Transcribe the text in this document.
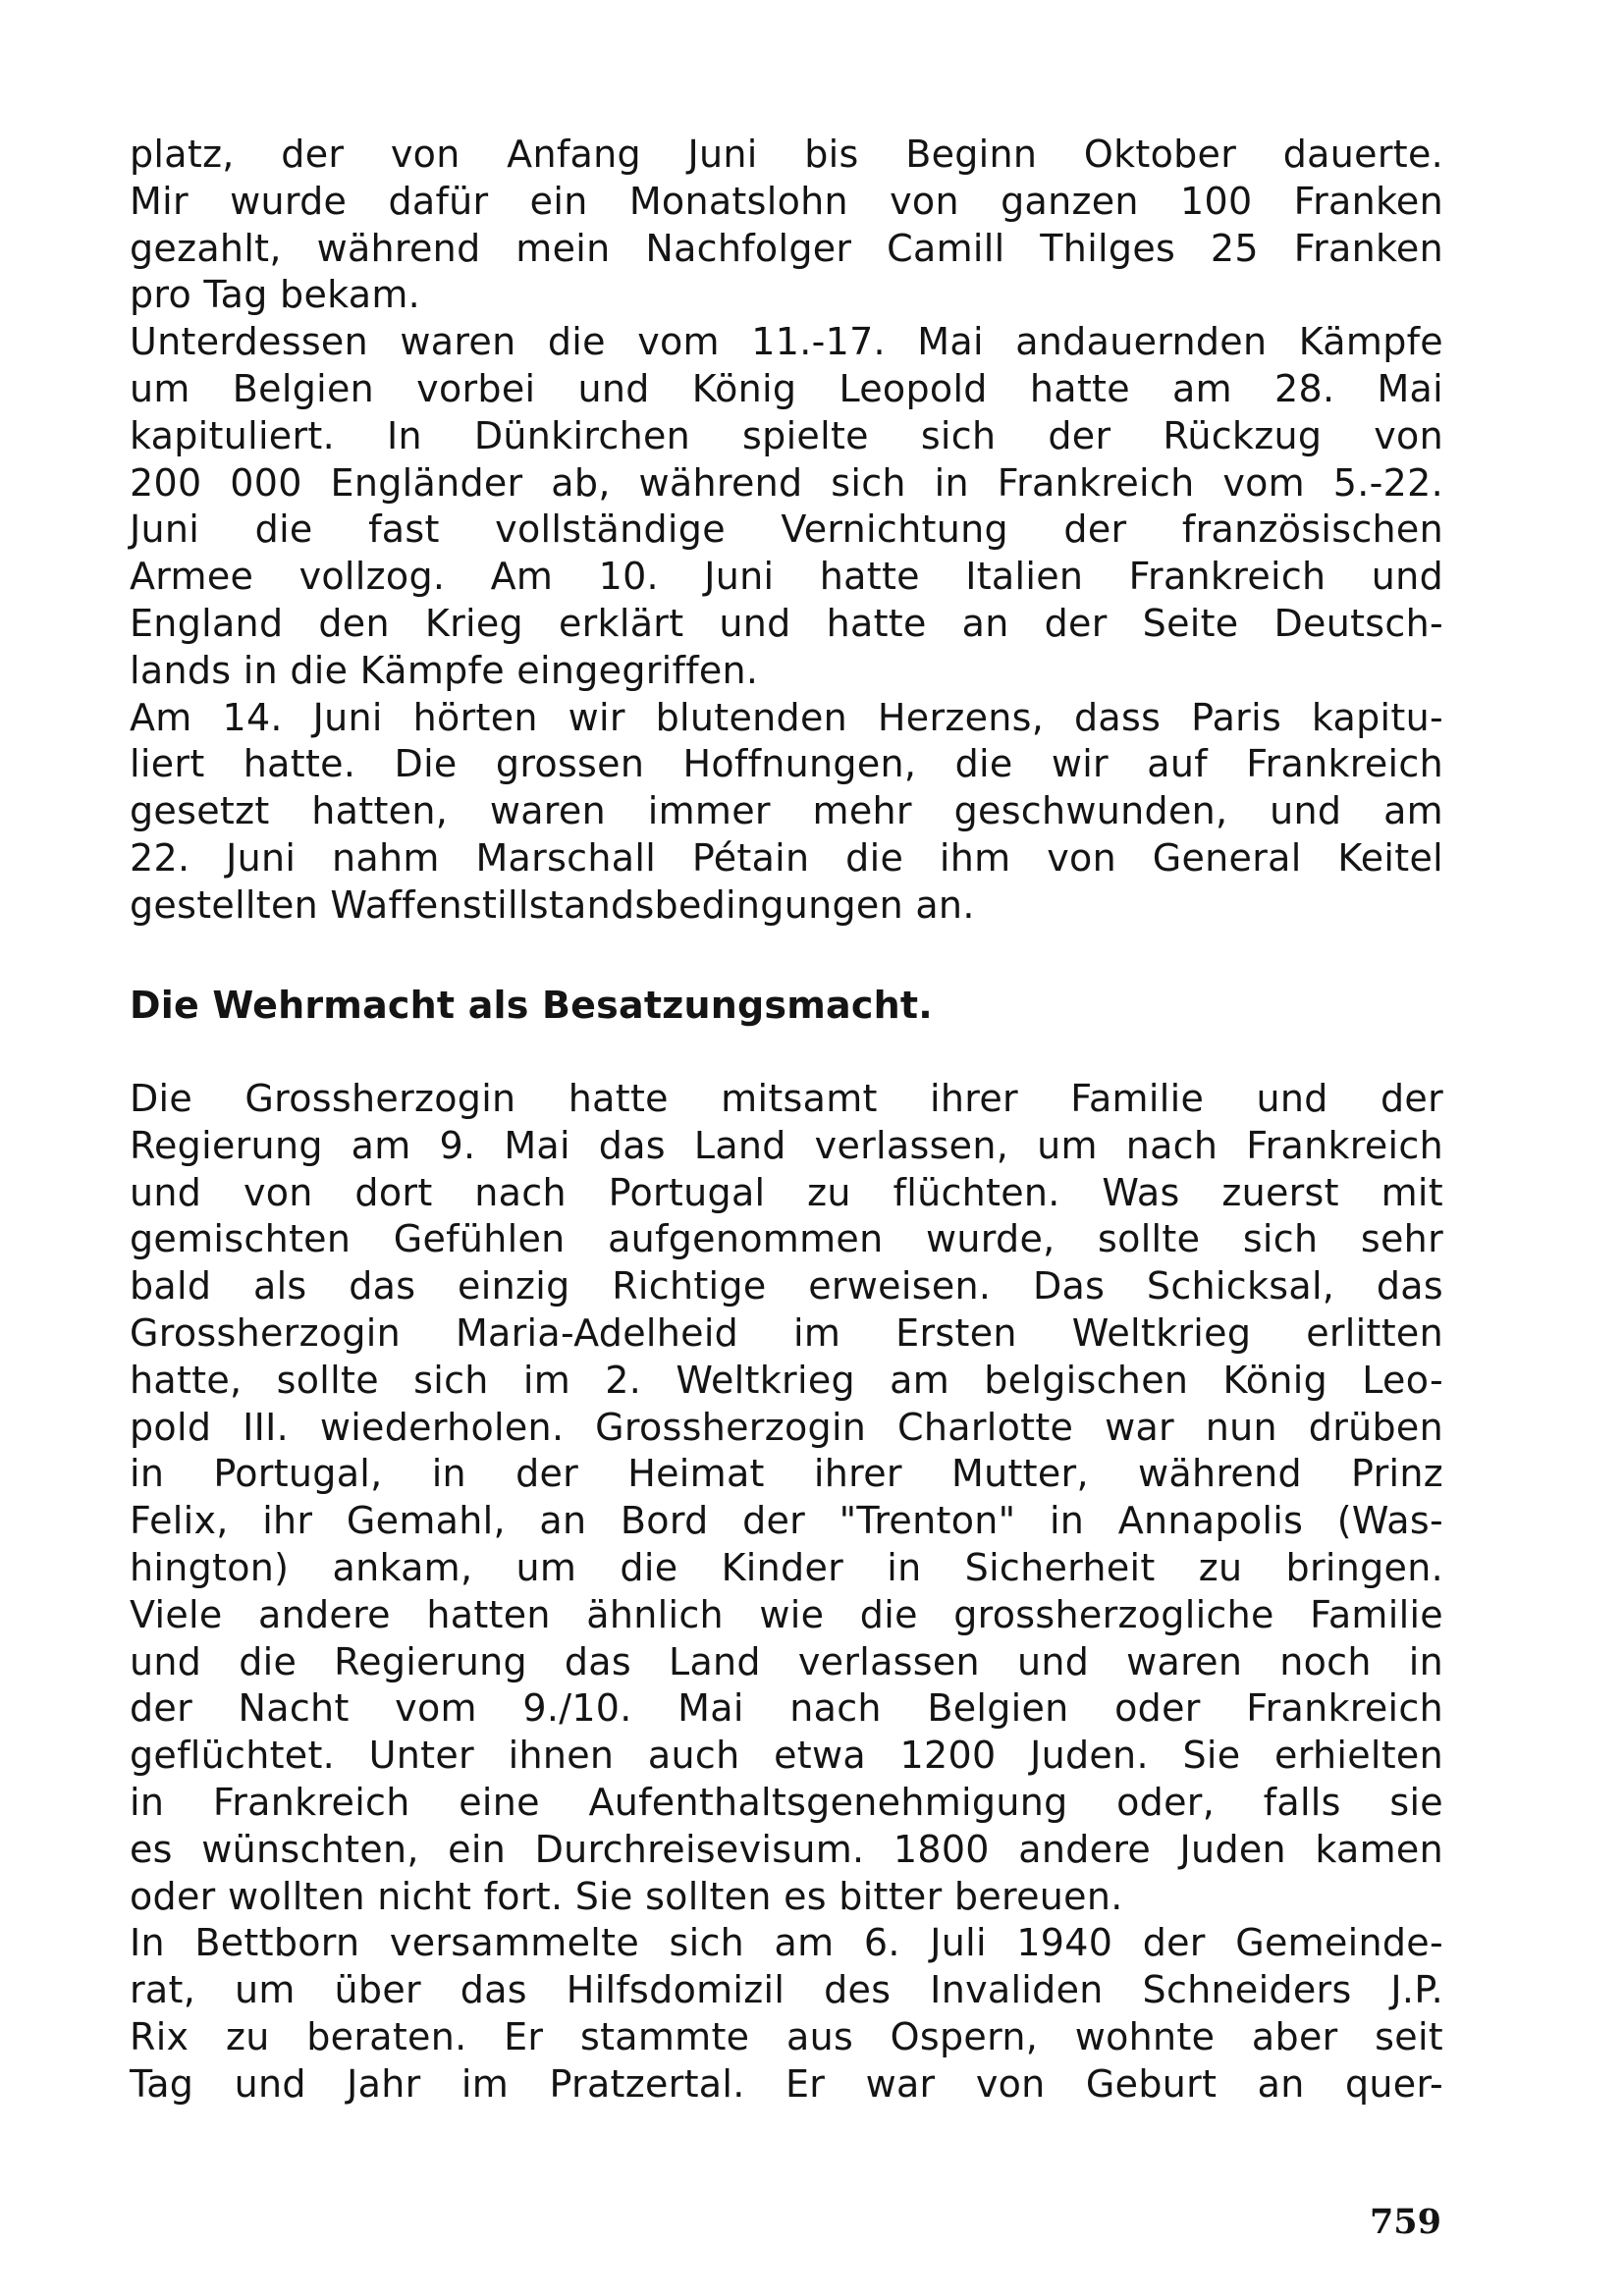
platz, der von Anfang Juni bis Beginn Oktober dauerte.
Mir wurde dafür ein Monatslohn von ganzen 100 Franken
gezahlt, während mein Nachfolger Camill Thilges 25 Franken
pro Tag bekam.
Unterdessen waren die vom 11.-17. Mai andauernden Kämpfe
um Belgien vorbei und König Leopold hatte am 28. Mai
kapituliert. In Dünkirchen spielte sich der Rückzug von
200 000 Engländer ab, während sich in Frankreich vom 5.-22.
Juni die fast vollständige Vernichtung der französischen
Armee vollzog. Am 10. Juni hatte Italien Frankreich und
England den Krieg erklärt und hatte an der Seite Deutsch-
lands in die Kämpfe eingegriffen.
Am 14. Juni hörten wir blutenden Herzens, dass Paris kapitu-
liert hatte. Die grossen Hoffnungen, die wir auf Frankreich
gesetzt hatten, waren immer mehr geschwunden, und am
22. Juni nahm Marschall Pétain die ihm von General Keitel
gestellten Waffenstillstandsbedingungen an.
Die Wehrmacht als Besatzungsmacht.
Die Grossherzogin hatte mitsamt ihrer Familie und der
Regierung am 9. Mai das Land verlassen, um nach Frankreich
und von dort nach Portugal zu flüchten. Was zuerst mit
gemischten Gefühlen aufgenommen wurde, sollte sich sehr
bald als das einzig Richtige erweisen. Das Schicksal, das
Grossherzogin Maria-Adelheid im Ersten Weltkrieg erlitten
hatte, sollte sich im 2. Weltkrieg am belgischen König Leo-
pold III. wiederholen. Grossherzogin Charlotte war nun drüben
in Portugal, in der Heimat ihrer Mutter, während Prinz
Felix, ihr Gemahl, an Bord der "Trenton" in Annapolis (Was-
hington) ankam, um die Kinder in Sicherheit zu bringen.
Viele andere hatten ähnlich wie die grossherzogliche Familie
und die Regierung das Land verlassen und waren noch in
der Nacht vom 9./10. Mai nach Belgien oder Frankreich
geflüchtet. Unter ihnen auch etwa 1200 Juden. Sie erhielten
in Frankreich eine Aufenthaltsgenehmigung oder, falls sie
es wünschten, ein Durchreisevisum. 1800 andere Juden kamen
oder wollten nicht fort. Sie sollten es bitter bereuen.
In Bettborn versammelte sich am 6. Juli 1940 der Gemeinde-
rat, um über das Hilfsdomizil des Invaliden Schneiders J.P.
Rix zu beraten. Er stammte aus Ospern, wohnte aber seit
Tag und Jahr im Pratzertal. Er war von Geburt an quer-
759
